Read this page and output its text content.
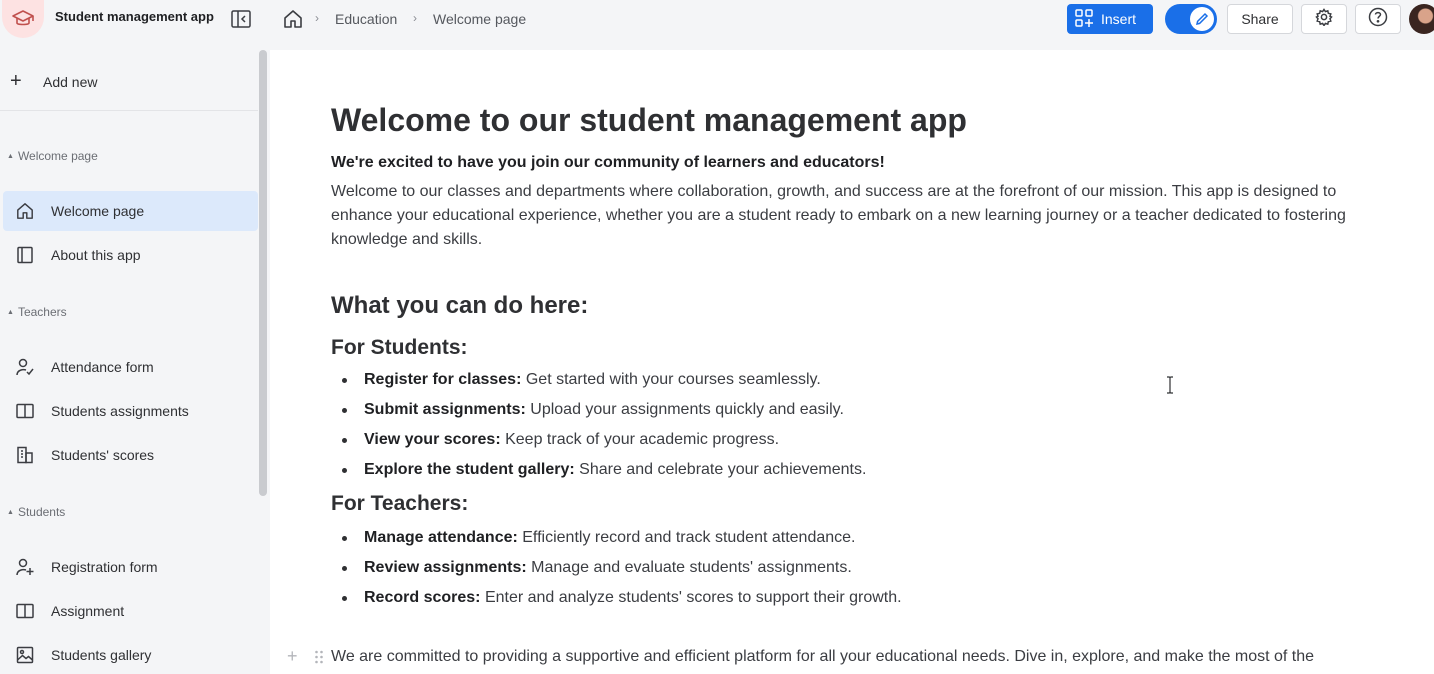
Student management app	› Education › Welcome page	Insert	Share
+	Add new
▲ Welcome page
Welcome page
About this app
▲ Teachers
Attendance form
Students assignments
Students' scores
▲ Students
Registration form
Assignment
Students gallery
Welcome to our student management app
We're excited to have you join our community of learners and educators!

Welcome to our classes and departments where collaboration, growth, and success are at the forefront of our mission. This app is designed to enhance your educational experience, whether you are a student ready to embark on a new learning journey or a teacher dedicated to fostering knowledge and skills.

What you can do here:
For Students:
Register for classes: Get started with your courses seamlessly.
Submit assignments: Upload your assignments quickly and easily.
View your scores: Keep track of your academic progress.
Explore the student gallery: Share and celebrate your achievements.
For Teachers:
Manage attendance: Efficiently record and track student attendance.
Review assignments: Manage and evaluate students' assignments.
Record scores: Enter and analyze students' scores to support their growth.

We are committed to providing a supportive and efficient platform for all your educational needs. Dive in, explore, and make the most of the

+
